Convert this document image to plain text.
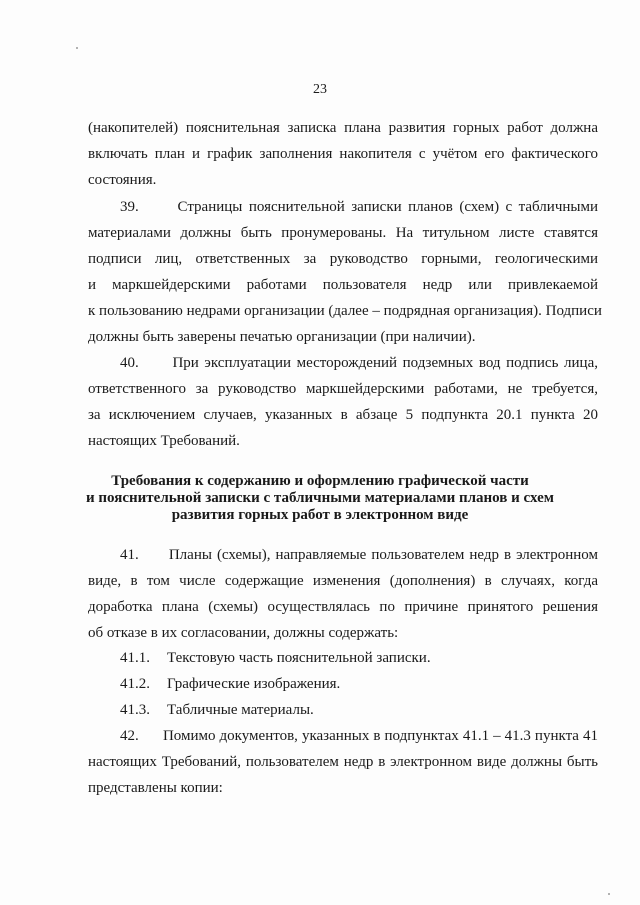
23
(накопителей) пояснительная записка плана развития горных работ должна
включать план и график заполнения накопителя с учётом его фактического
состояния.
39.      Страницы пояснительной записки планов (схем) с табличными
материалами должны быть пронумерованы. На титульном листе ставятся
подписи лиц, ответственных за руководство горными, геологическими
и маркшейдерскими работами пользователя недр или привлекаемой
к пользованию недрами организации (далее – подрядная организация). Подписи
должны быть заверены печатью организации (при наличии).
40.      При эксплуатации месторождений подземных вод подпись лица,
ответственного за руководство маркшейдерскими работами, не требуется,
за исключением случаев, указанных в абзаце 5 подпункта 20.1 пункта 20
настоящих Требований.
Требования к содержанию и оформлению графической части
и пояснительной записки с табличными материалами планов и схем
развития горных работ в электронном виде
41.      Планы (схемы), направляемые пользователем недр в электронном
виде, в том числе содержащие изменения (дополнения) в случаях, когда
доработка плана (схемы) осуществлялась по причине принятого решения
об отказе в их согласовании, должны содержать:
41.1. Текстовую часть пояснительной записки.
41.2. Графические изображения.
41.3. Табличные материалы.
42.      Помимо документов, указанных в подпунктах 41.1 – 41.3 пункта 41
настоящих Требований, пользователем недр в электронном виде должны быть
представлены копии:
